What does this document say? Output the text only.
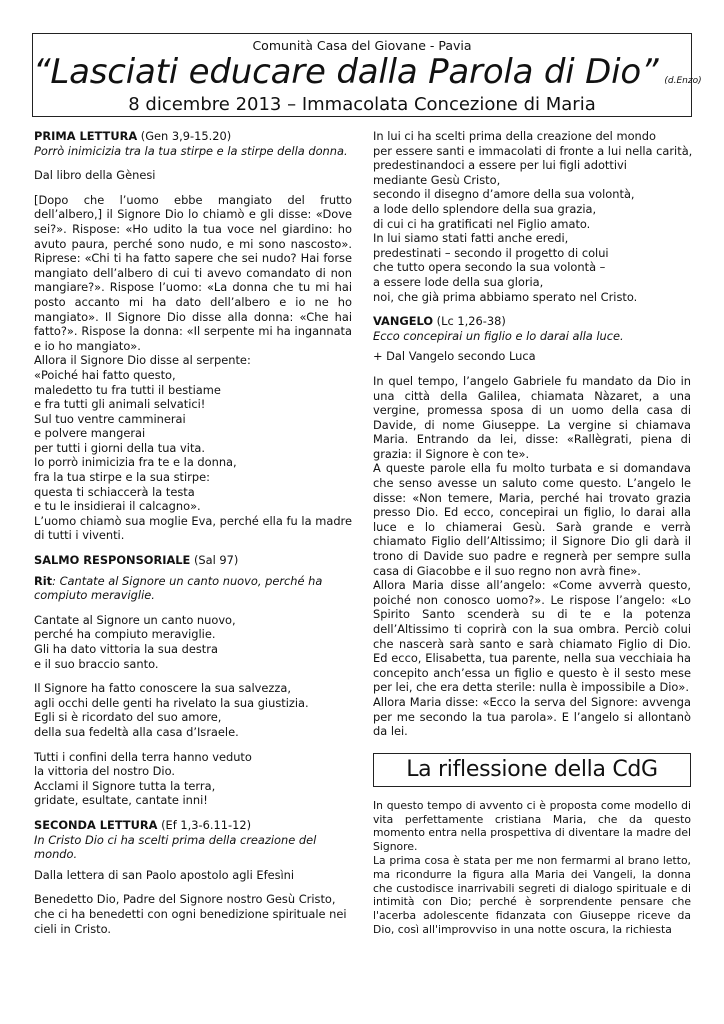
Comunità Casa del Giovane - Pavia
“Lasciati educare dalla Parola di Dio” (d.Enzo)
8 dicembre 2013 – Immacolata Concezione di Maria

PRIMA LETTURA (Gen 3,9-15.20)

Porrò inimicizia tra la tua stirpe e la stirpe della donna.

Dal libro della Gènesi

[Dopo che l’uomo ebbe mangiato del frutto dell’albero,] il Signore Dio lo chiamò e gli disse: «Dove sei?». Rispose: «Ho udito la tua voce nel giardino: ho avuto paura, perché sono nudo, e mi sono nascosto». Riprese: «Chi ti ha fatto sapere che sei nudo? Hai forse mangiato dell’albero di cui ti avevo comandato di non mangiare?». Rispose l’uomo: «La donna che tu mi hai posto accanto mi ha dato dell’albero e io ne ho mangiato». Il Signore Dio disse alla donna: «Che hai fatto?». Rispose la donna: «Il serpente mi ha ingannata e io ho mangiato».

Allora il Signore Dio disse al serpente:
«Poiché hai fatto questo,
maledetto tu fra tutti il bestiame
e fra tutti gli animali selvatici!
Sul tuo ventre camminerai
e polvere mangerai
per tutti i giorni della tua vita.
Io porrò inimicizia fra te e la donna,
fra la tua stirpe e la sua stirpe:
questa ti schiaccerà la testa
e tu le insidierai il calcagno».

L’uomo chiamò sua moglie Eva, perché ella fu la madre di tutti i viventi.

SALMO RESPONSORIALE (Sal 97)

Rit: Cantate al Signore un canto nuovo, perché ha compiuto meraviglie.

Cantate al Signore un canto nuovo,
perché ha compiuto meraviglie.
Gli ha dato vittoria la sua destra
e il suo braccio santo.
Il Signore ha fatto conoscere la sua salvezza,
agli occhi delle genti ha rivelato la sua giustizia.
Egli si è ricordato del suo amore,
della sua fedeltà alla casa d’Israele.
Tutti i confini della terra hanno veduto
la vittoria del nostro Dio.
Acclami il Signore tutta la terra,
gridate, esultate, cantate inni!

SECONDA LETTURA (Ef 1,3-6.11-12)

In Cristo Dio ci ha scelti prima della creazione del mondo.

Dalla lettera di san Paolo apostolo agli Efesìni

Benedetto Dio, Padre del Signore nostro Gesù Cristo, che ci ha benedetti con ogni benedizione spirituale nei cieli in Cristo.

In lui ci ha scelti prima della creazione del mondo
per essere santi e immacolati di fronte a lui nella carità,
predestinandoci a essere per lui figli adottivi
mediante Gesù Cristo,
secondo il disegno d’amore della sua volontà,
a lode dello splendore della sua grazia,
di cui ci ha gratificati nel Figlio amato.
In lui siamo stati fatti anche eredi,
predestinati – secondo il progetto di colui
che tutto opera secondo la sua volontà –
a essere lode della sua gloria,
noi, che già prima abbiamo sperato nel Cristo.

VANGELO (Lc 1,26-38)

Ecco concepirai un figlio e lo darai alla luce.

+ Dal Vangelo secondo Luca

In quel tempo, l’angelo Gabriele fu mandato da Dio in una città della Galilea, chiamata Nàzaret, a una vergine, promessa sposa di un uomo della casa di Davide, di nome Giuseppe. La vergine si chiamava Maria. Entrando da lei, disse: «Rallègrati, piena di grazia: il Signore è con te».

A queste parole ella fu molto turbata e si domandava che senso avesse un saluto come questo. L’angelo le disse: «Non temere, Maria, perché hai trovato grazia presso Dio. Ed ecco, concepirai un figlio, lo darai alla luce e lo chiamerai Gesù. Sarà grande e verrà chiamato Figlio dell’Altissimo; il Signore Dio gli darà il trono di Davide suo padre e regnerà per sempre sulla casa di Giacobbe e il suo regno non avrà fine».

Allora Maria disse all’angelo: «Come avverrà questo, poiché non conosco uomo?». Le rispose l’angelo: «Lo Spirito Santo scenderà su di te e la potenza dell’Altissimo ti coprirà con la sua ombra. Perciò colui che nascerà sarà santo e sarà chiamato Figlio di Dio. Ed ecco, Elisabetta, tua parente, nella sua vecchiaia ha concepito anch’essa un figlio e questo è il sesto mese per lei, che era detta sterile: nulla è impossibile a Dio».

Allora Maria disse: «Ecco la serva del Signore: avvenga per me secondo la tua parola». E l’angelo si allontanò da lei.

La riflessione della CdG

In questo tempo di avvento ci è proposta come modello di vita perfettamente cristiana Maria, che da questo momento entra nella prospettiva di diventare la madre del Signore.

La prima cosa è stata per me non fermarmi al brano letto, ma ricondurre la figura alla Maria dei Vangeli, la donna che custodisce inarrivabili segreti di dialogo spirituale e di intimità con Dio; perché è sorprendente pensare che l'acerba adolescente fidanzata con Giuseppe riceve da Dio, così all'improvviso in una notte oscura, la richiesta
